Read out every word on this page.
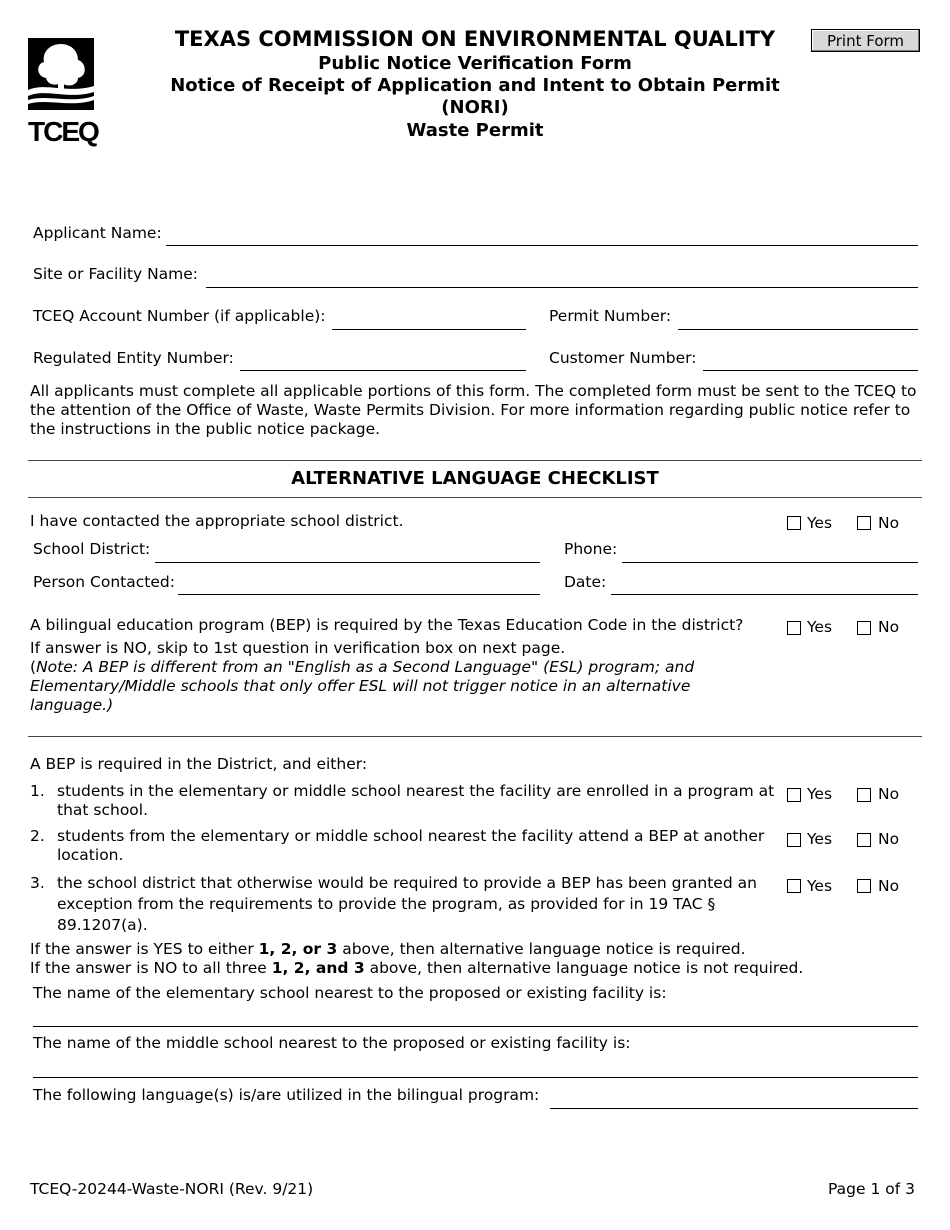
TCEQ
TEXAS COMMISSION ON ENVIRONMENTAL QUALITY
Public Notice Verification Form
Notice of Receipt of Application and Intent to Obtain Permit
(NORI)
Waste Permit
Print Form
Applicant Name:
Site or Facility Name:
TCEQ Account Number (if applicable):	Permit Number:
Regulated Entity Number:	Customer Number:
All applicants must complete all applicable portions of this form. The completed form must be sent to the TCEQ to the attention of the Office of Waste, Waste Permits Division. For more information regarding public notice refer to the instructions in the public notice package.
ALTERNATIVE LANGUAGE CHECKLIST
I have contacted the appropriate school district.	Yes	No
School District:	Phone:
Person Contacted:	Date:
A bilingual education program (BEP) is required by the Texas Education Code in the district?	Yes	No
If answer is NO, skip to 1st question in verification box on next page.
(Note: A BEP is different from an "English as a Second Language" (ESL) program; and Elementary/Middle schools that only offer ESL will not trigger notice in an alternative language.)
A BEP is required in the District, and either:
1. students in the elementary or middle school nearest the facility are enrolled in a program at that school.
Yes	No
2. students from the elementary or middle school nearest the facility attend a BEP at another location.
Yes	No
3. the school district that otherwise would be required to provide a BEP has been granted an exception from the requirements to provide the program, as provided for in 19 TAC § 89.1207(a).
Yes	No
If the answer is YES to either 1, 2, or 3 above, then alternative language notice is required.
If the answer is NO to all three 1, 2, and 3 above, then alternative language notice is not required.
The name of the elementary school nearest to the proposed or existing facility is:
The name of the middle school nearest to the proposed or existing facility is:
The following language(s) is/are utilized in the bilingual program:
TCEQ-20244-Waste-NORI (Rev. 9/21)	Page 1 of 3
